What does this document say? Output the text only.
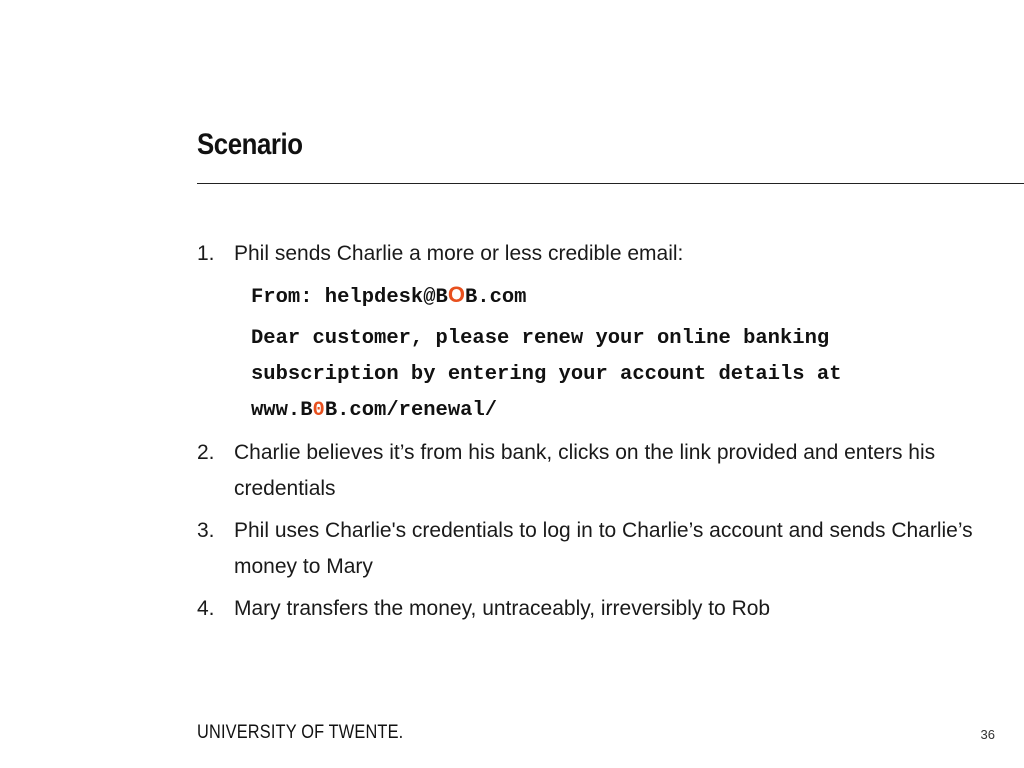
Scenario
1. Phil sends Charlie a more or less credible email:
From: helpdesk@BOB.com
Dear customer, please renew your online banking
subscription by entering your account details at
www.B0B.com/renewal/
2. Charlie believes it’s from his bank, clicks on the link provided and enters his credentials
3. Phil uses Charlie's credentials to log in to Charlie’s account and sends Charlie’s money to Mary
4. Mary transfers the money, untraceably, irreversibly to Rob
UNIVERSITY OF TWENTE.	36
